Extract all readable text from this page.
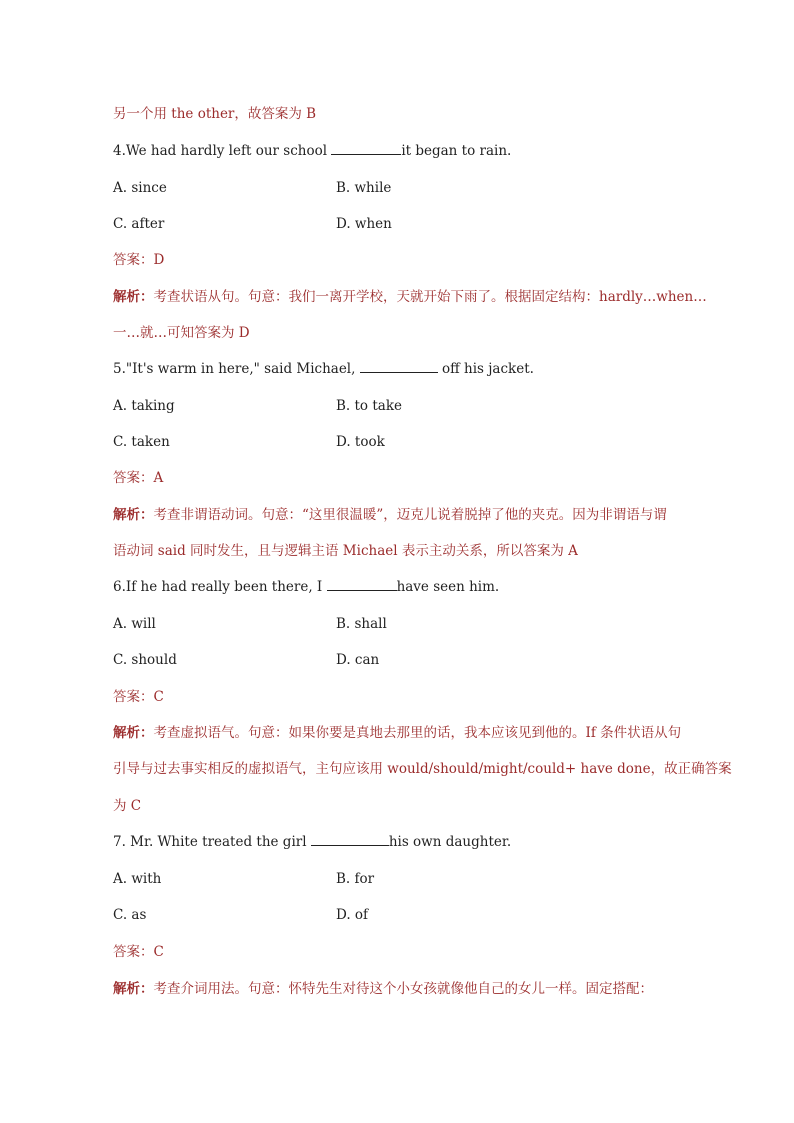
另一个用 the other，故答案为 B
4.We had hardly left our school	it began to rain.
A. since	B. while
C. after	D. when
答案：D
解析：考查状语从句。句意：我们一离开学校，天就开始下雨了。根据固定结构：hardly…when…
一…就…可知答案为 D
5."It's warm in here," said Michael,	off his jacket.
A. taking	B. to take
C. taken	D. took
答案：A
解析：考查非谓语动词。句意：“这里很温暖”，迈克儿说着脱掉了他的夹克。因为非谓语与谓
语动词 said 同时发生，且与逻辑主语 Michael 表示主动关系，所以答案为 A
6.If he had really been there, I	have seen him.
A. will	B. shall
C. should	D. can
答案：C
解析：考查虚拟语气。句意：如果你要是真地去那里的话，我本应该见到他的。If 条件状语从句
引导与过去事实相反的虚拟语气，主句应该用 would/should/might/could+ have done，故正确答案
为 C
7. Mr. White treated the girl	his own daughter.
A. with	B. for
C. as	D. of
答案：C
解析：考查介词用法。句意：怀特先生对待这个小女孩就像他自己的女儿一样。固定搭配：
